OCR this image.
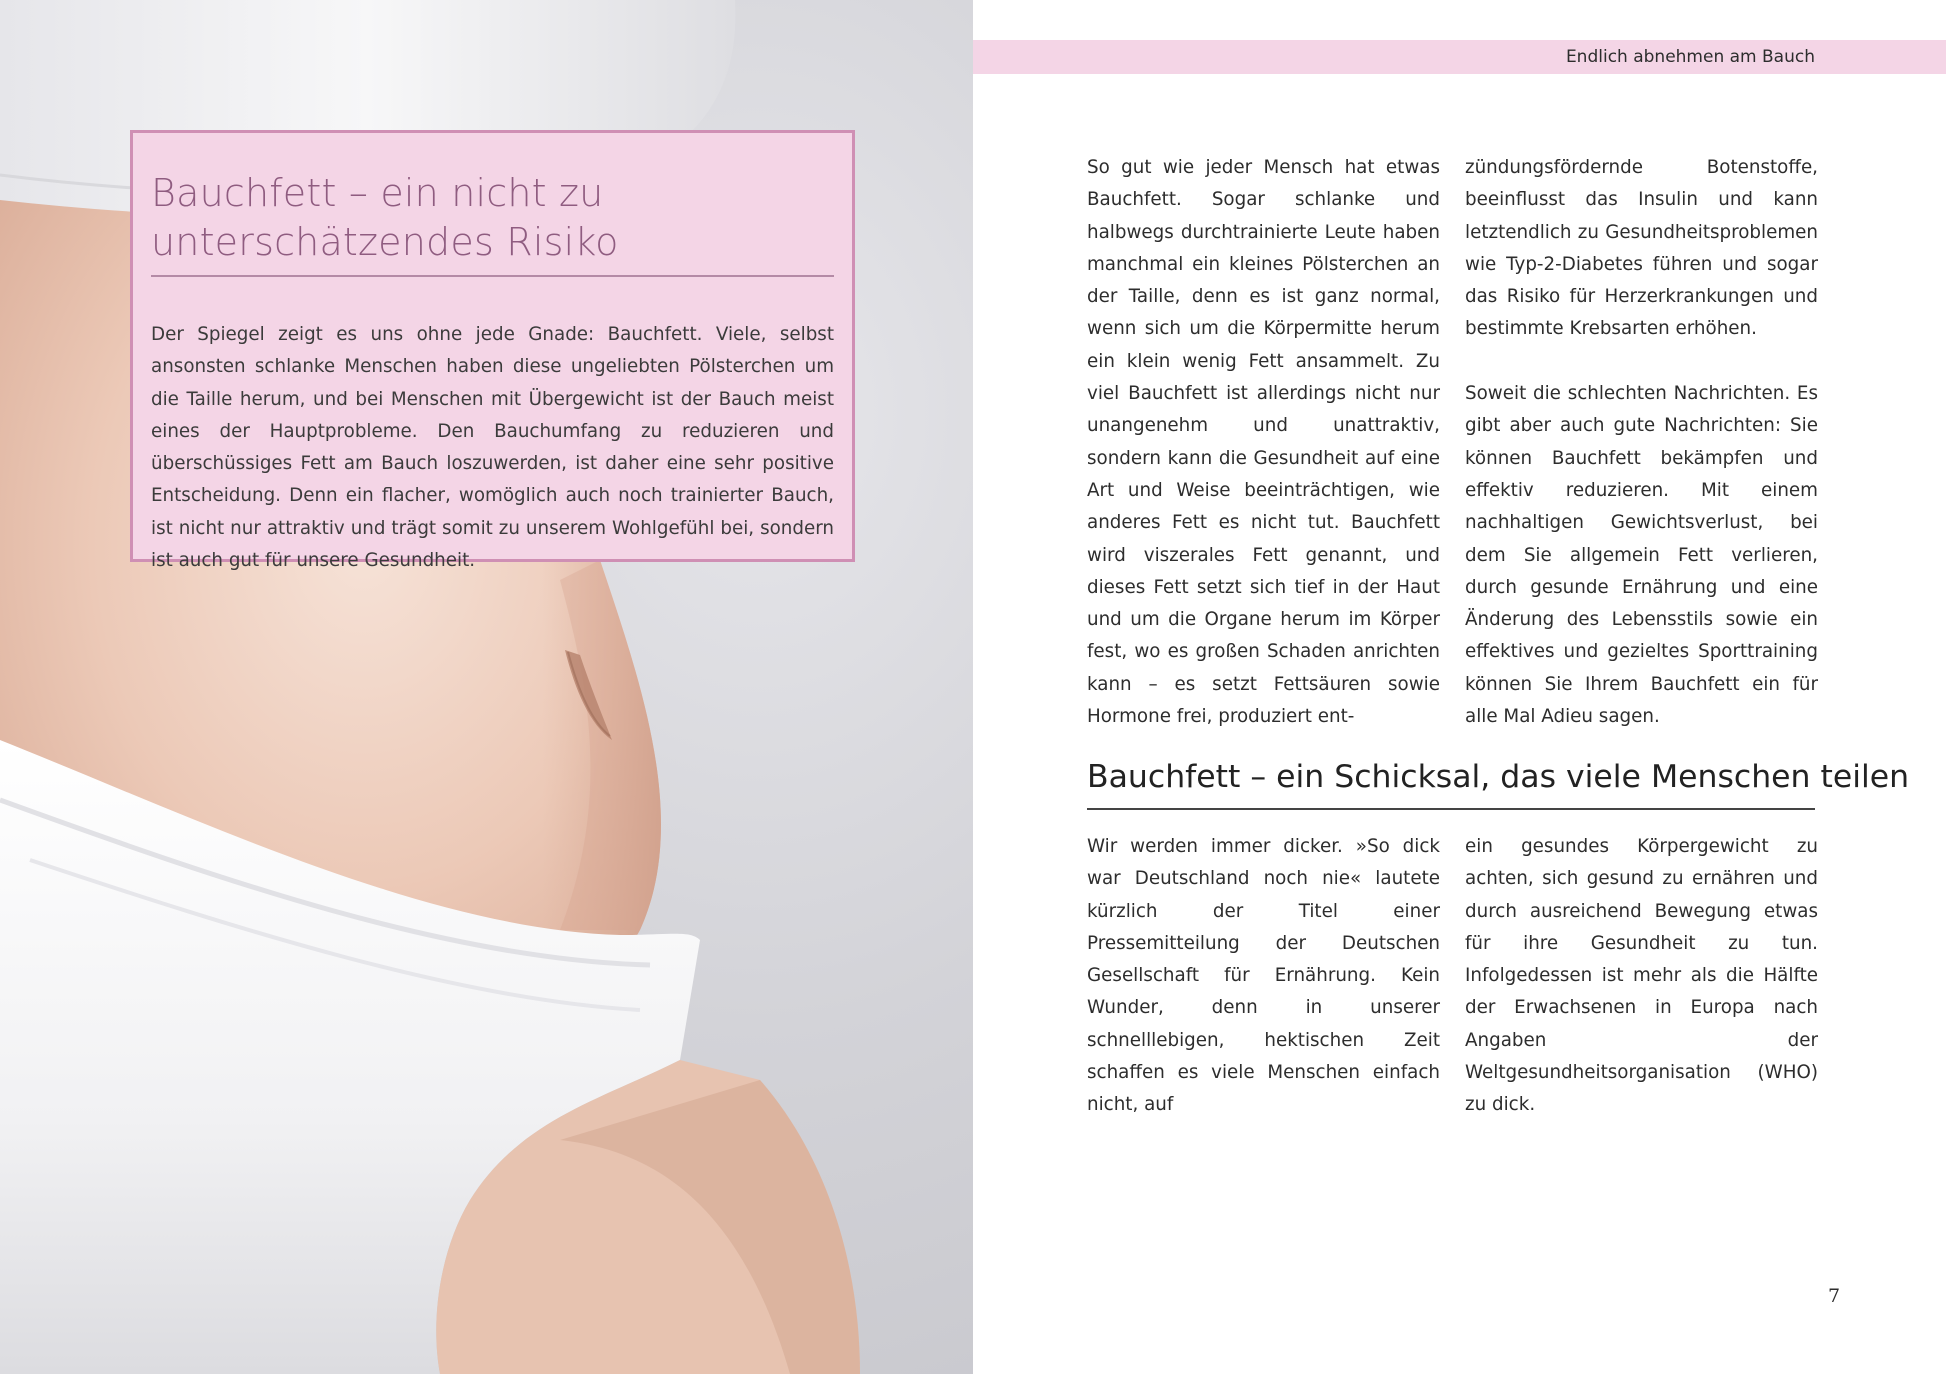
Bauchfett – ein nicht zu unterschätzendes Risiko

Der Spiegel zeigt es uns ohne jede Gnade: Bauchfett. Viele, selbst ansonsten schlanke Menschen haben diese ungeliebten Pölsterchen um die Taille herum, und bei Menschen mit Übergewicht ist der Bauch meist eines der Hauptprobleme. Den Bauchumfang zu reduzieren und überschüssiges Fett am Bauch loszuwerden, ist daher eine sehr positive Entscheidung. Denn ein flacher, womöglich auch noch trainierter Bauch, ist nicht nur attraktiv und trägt somit zu unserem Wohlgefühl bei, sondern ist auch gut für unsere Gesundheit.

Endlich abnehmen am Bauch

So gut wie jeder Mensch hat etwas Bauchfett. Sogar schlanke und halbwegs durchtrainierte Leute haben manchmal ein kleines Pölsterchen an der Taille, denn es ist ganz normal, wenn sich um die Körpermitte herum ein klein wenig Fett ansammelt. Zu viel Bauchfett ist allerdings nicht nur unangenehm und unattraktiv, sondern kann die Gesundheit auf eine Art und Weise beeinträchtigen, wie anderes Fett es nicht tut. Bauchfett wird viszerales Fett genannt, und dieses Fett setzt sich tief in der Haut und um die Organe herum im Körper fest, wo es großen Schaden anrichten kann – es setzt Fettsäuren sowie Hormone frei, produziert ent-

zündungsfördernde Botenstoffe, beeinflusst das Insulin und kann letztendlich zu Gesundheitsproblemen wie Typ-2-Diabetes führen und sogar das Risiko für Herzerkrankungen und bestimmte Krebsarten erhöhen.

Soweit die schlechten Nachrichten. Es gibt aber auch gute Nachrichten: Sie können Bauchfett bekämpfen und effektiv reduzieren. Mit einem nachhaltigen Gewichtsverlust, bei dem Sie allgemein Fett verlieren, durch gesunde Ernährung und eine Änderung des Lebensstils sowie ein effektives und gezieltes Sporttraining können Sie Ihrem Bauchfett ein für alle Mal Adieu sagen.

Bauchfett – ein Schicksal, das viele Menschen teilen

Wir werden immer dicker. »So dick war Deutschland noch nie« lautete kürzlich der Titel einer Pressemitteilung der Deutschen Gesellschaft für Ernährung. Kein Wunder, denn in unserer schnelllebigen, hektischen Zeit schaffen es viele Menschen einfach nicht, auf

ein gesundes Körpergewicht zu achten, sich gesund zu ernähren und durch ausreichend Bewegung etwas für ihre Gesundheit zu tun. Infolgedessen ist mehr als die Hälfte der Erwachsenen in Europa nach Angaben der Weltgesundheitsorganisation (WHO) zu dick.

7
